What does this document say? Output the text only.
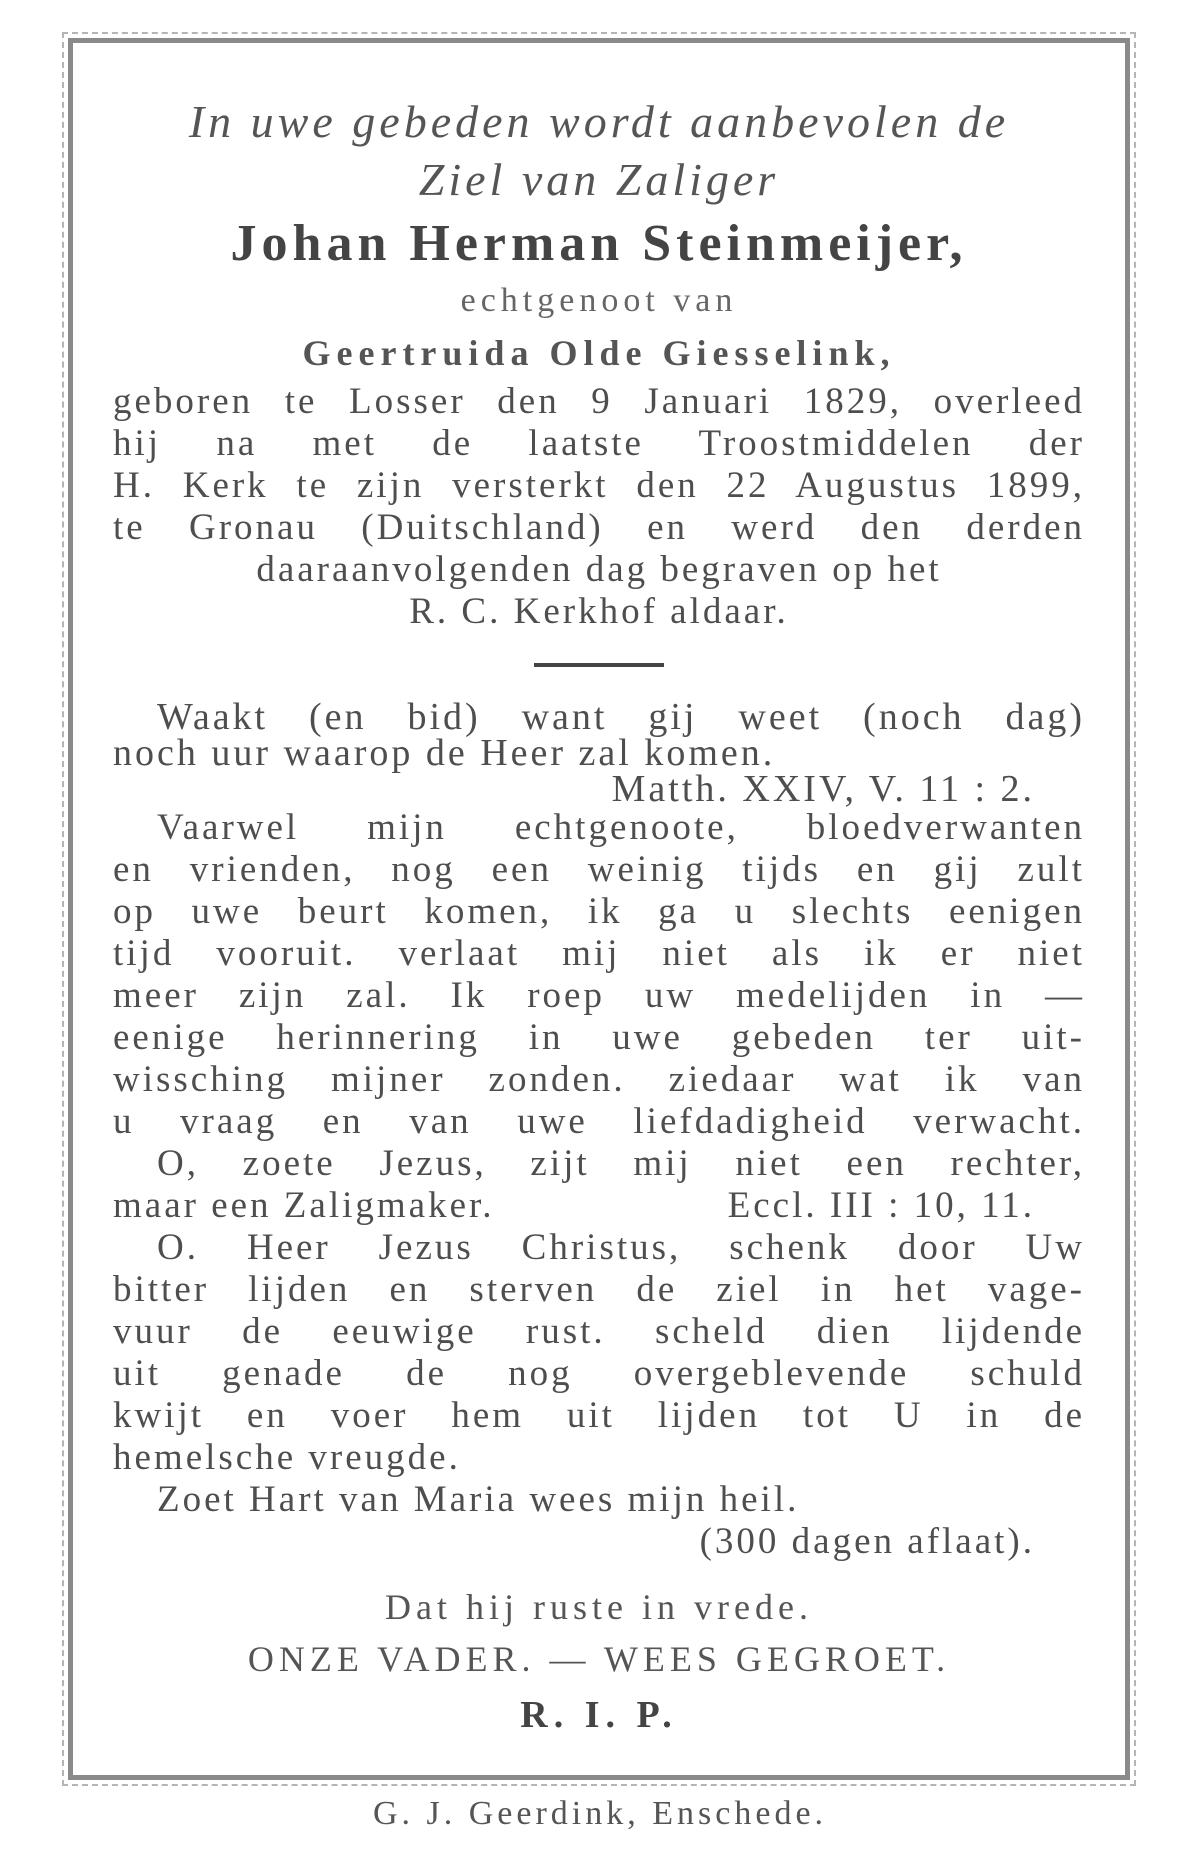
In uwe gebeden wordt aanbevolen de
Ziel van Zaliger
Johan Herman Steinmeijer,
echtgenoot van
Geertruida Olde Giesselink,
geboren te Losser den 9 Januari 1829, overleed
hij na met de laatste Troostmiddelen der
H. Kerk te zijn versterkt den 22 Augustus 1899,
te Gronau (Duitschland) en werd den derden
daaraanvolgenden dag begraven op het
R. C. Kerkhof aldaar.
Waakt (en bid) want gij weet (noch dag)
noch uur waarop de Heer zal komen.
Matth. XXIV, V. 11 : 2.
Vaarwel mijn echtgenoote, bloedverwanten
en vrienden, nog een weinig tijds en gij zult
op uwe beurt komen, ik ga u slechts eenigen
tijd vooruit. verlaat mij niet als ik er niet
meer zijn zal. Ik roep uw medelijden in —
eenige herinnering in uwe gebeden ter uit-
wissching mijner zonden. ziedaar wat ik van
u vraag en van uwe liefdadigheid verwacht.
O, zoete Jezus, zijt mij niet een rechter,
maar een Zaligmaker.	Eccl. III : 10, 11.
O. Heer Jezus Christus, schenk door Uw
bitter lijden en sterven de ziel in het vage-
vuur de eeuwige rust. scheld dien lijdende
uit genade de nog overgeblevende schuld
kwijt en voer hem uit lijden tot U in de
hemelsche vreugde.
Zoet Hart van Maria wees mijn heil.
(300 dagen aflaat).
Dat hij ruste in vrede.
ONZE VADER. — WEES GEGROET.
R. I. P.
G. J. Geerdink, Enschede.
